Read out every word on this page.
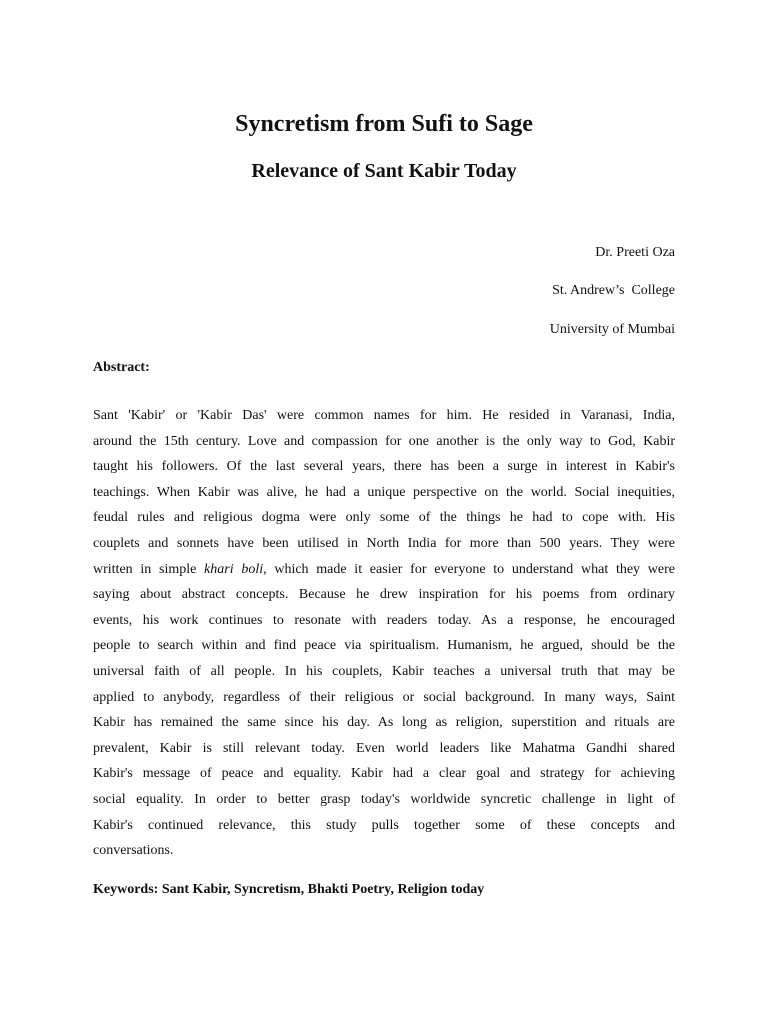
Syncretism from Sufi to Sage
Relevance of Sant Kabir Today
Dr. Preeti Oza
St. Andrew’s  College
University of Mumbai
Abstract:
Sant 'Kabir' or 'Kabir Das' were common names for him. He resided in Varanasi, India,
around the 15th century. Love and compassion for one another is the only way to God, Kabir
taught his followers. Of the last several years, there has been a surge in interest in Kabir's
teachings. When Kabir was alive, he had a unique perspective on the world. Social inequities,
feudal rules and religious dogma were only some of the things he had to cope with. His
couplets and sonnets have been utilised in North India for more than 500 years. They were
written in simple khari boli, which made it easier for everyone to understand what they were
saying about abstract concepts. Because he drew inspiration for his poems from ordinary
events, his work continues to resonate with readers today. As a response, he encouraged
people to search within and find peace via spiritualism. Humanism, he argued, should be the
universal faith of all people. In his couplets, Kabir teaches a universal truth that may be
applied to anybody, regardless of their religious or social background. In many ways, Saint
Kabir has remained the same since his day. As long as religion, superstition and rituals are
prevalent, Kabir is still relevant today. Even world leaders like Mahatma Gandhi shared
Kabir's message of peace and equality. Kabir had a clear goal and strategy for achieving
social equality. In order to better grasp today's worldwide syncretic challenge in light of
Kabir's continued relevance, this study pulls together some of these concepts and
conversations.
Keywords: Sant Kabir, Syncretism, Bhakti Poetry, Religion today
